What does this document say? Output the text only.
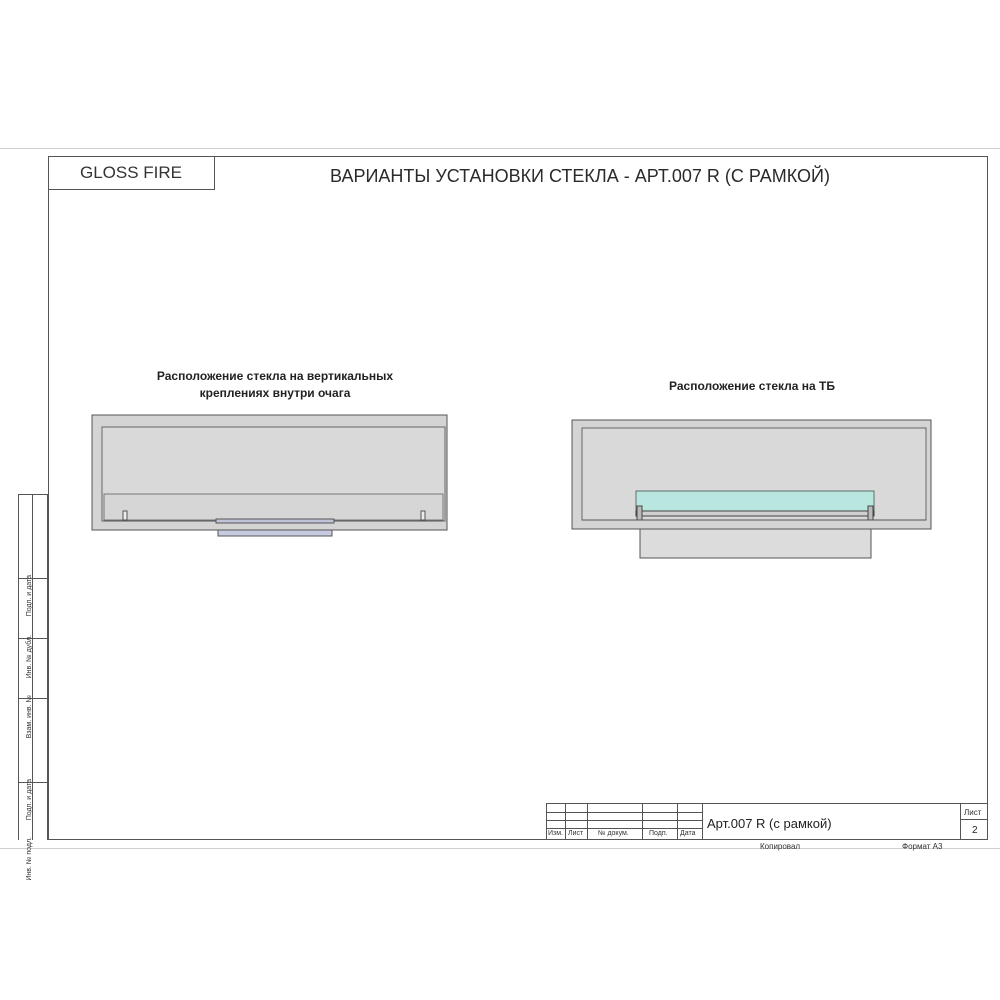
GLOSS FIRE	ВАРИАНТЫ УСТАНОВКИ СТЕКЛА - АРТ.007 R (С РАМКОЙ)
Расположение стекла на вертикальных
креплениях внутри очага	Расположение стекла на ТБ
Подп. и дата
Инв. № дубл.
Взам. инв. №
Подп. и дата
Инв. № подл.
Изм. Лист № докум.	Подп. Дата
Арт.007 R (с рамкой)
Лист
2
Копировал	Формат А3
